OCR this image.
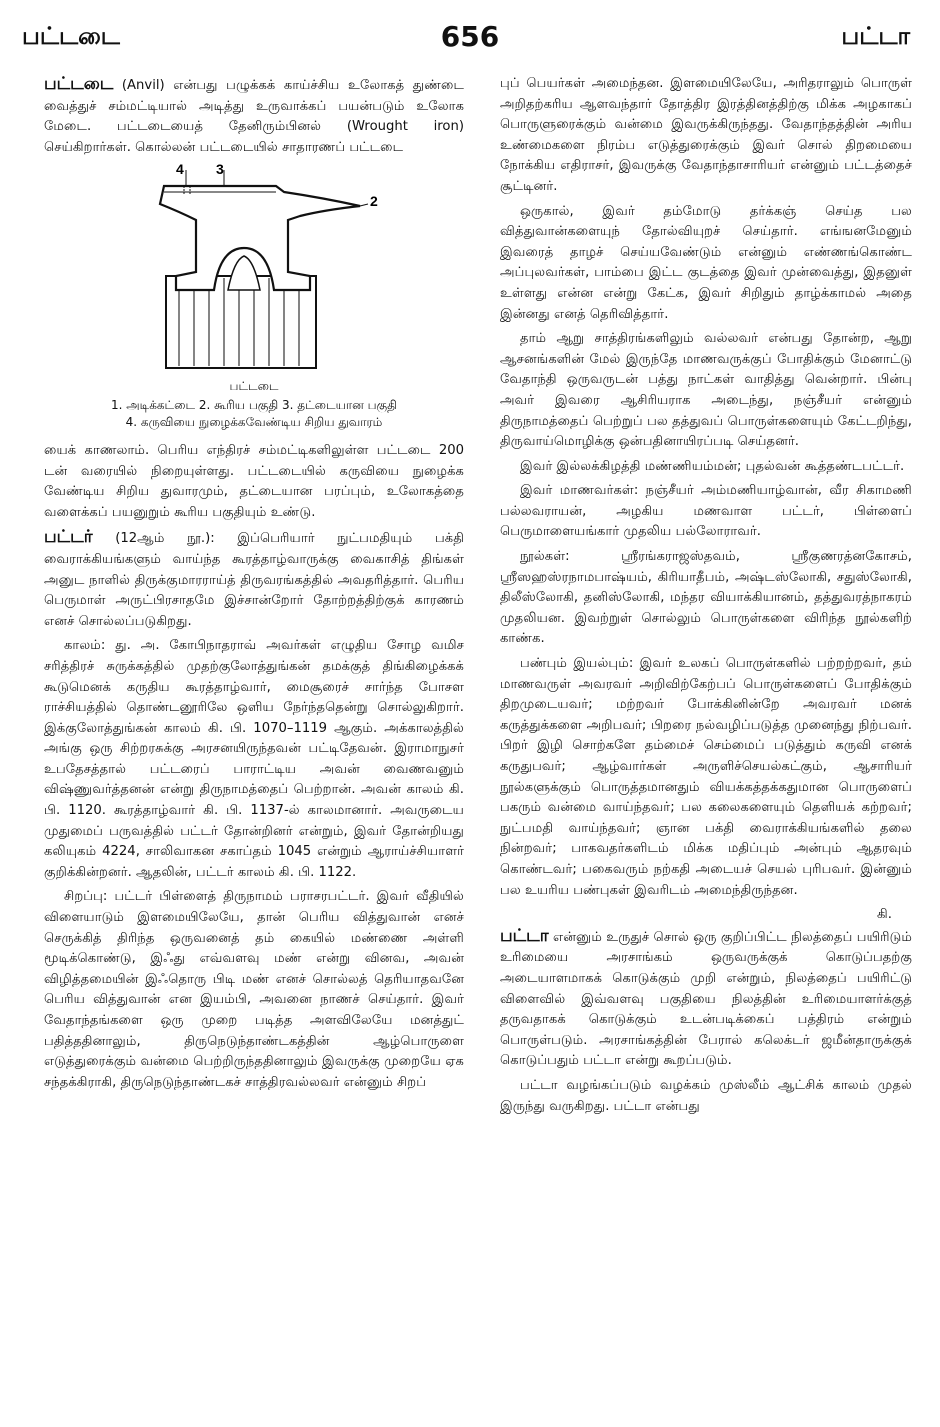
பட்டடை	656	பட்டா

பட்டடை (Anvil) என்பது பழுக்கக் காய்ச்சிய உலோகத் துண்டை வைத்துச் சம்மட்டியால் அடித்து உருவாக்கப் பயன்படும் உலோக மேடை. பட்டடையைத் தேனிரும்பினல் (Wrought iron) செய்கிறார்கள். கொல்லன் பட்டடையில் சாதாரணப் பட்டடை

4 3
2
பட்டடை
1. அடிக்கட்டை 2. கூரிய பகுதி 3. தட்டையான பகுதி
4. கருவியை நுழைக்கவேண்டிய சிறிய துவாரம்

யைக் காணலாம். பெரிய எந்திரச் சம்மட்டிகளிலுள்ள பட்டடை 200 டன் வரையில் நிறையுள்ளது. பட்டடையில் கருவியை நுழைக்க வேண்டிய சிறிய துவாரமும், தட்டையான பரப்பும், உலோகத்தை வளைக்கப் பயனுறும் கூரிய பகுதியும் உண்டு.

பட்டர் (12ஆம் நூ.): இப்பெரியார் நுட்பமதியும் பக்தி வைராக்கியங்களும் வாய்ந்த கூரத்தாழ்வாருக்கு வைகாசித் திங்கள் அனுட நாளில் திருக்குமாரராய்த் திருவரங்கத்தில் அவதரித்தார். பெரிய பெருமாள் அருட்பிரசாதமே இச்சான்றோர் தோற்றத்திற்குக் காரணம் எனச் சொல்லப்படுகிறது.

காலம்: து. அ. கோபிநாதராவ் அவர்கள் எழுதிய சோழ வமிச சரித்திரச் சுருக்கத்தில் முதற்குலோத்துங்கன் தமக்குத் திங்கிழைக்கக் கூடுமெனக் கருதிய கூரத்தாழ்வார், மைசூரைச் சார்ந்த போசள ராச்சியத்தில் தொண்டனூரிலே ஒளிய நேர்ந்ததென்று சொல்லுகிறார். இக்குலோத்துங்கன் காலம் கி. பி. 1070–1119 ஆகும். அக்காலத்தில் அங்கு ஒரு சிற்றரசுக்கு அரசனயிருந்தவன் பட்டிதேவன். இராமாநுசர் உபதேசத்தால் பட்டரைப் பாராட்டிய அவன் வைணவனும் விஷ்ணுவர்த்தனன் என்று திருநாமத்தைப் பெற்றான். அவன் காலம் கி. பி. 1120. கூரத்தாழ்வார் கி. பி. 1137-ல் காலமானார். அவருடைய முதுமைப் பருவத்தில் பட்டர் தோன்றினர் என்றும், இவர் தோன்றியது கலியுகம் 4224, சாலிவாகன சகாப்தம் 1045 என்றும் ஆராய்ச்சியாளர் குறிக்கின்றனர். ஆதலின், பட்டர் காலம் கி. பி. 1122.

சிறப்பு: பட்டர் பிள்ளைத் திருநாமம் பராசரபட்டர். இவர் வீதியில் விளையாடும் இளமையிலேயே, தான் பெரிய வித்துவான் எனச் செருக்கித் திரிந்த ஒருவனைத் தம் கையில் மண்ணை அள்ளி மூடிக்கொண்டு, இஃது எவ்வளவு மண் என்று வினவ, அவன் விழித்தமையின் இஃதொரு பிடி மண் எனச் சொல்லத் தெரியாதவனே பெரிய வித்துவான் என இயம்பி, அவனை நாணச் செய்தார். இவர் வேதாந்தங்களை ஒரு முறை படித்த அளவிலேயே மனத்துட் பதித்ததினாலும், திருநெடுந்தாண்டகத்தின் ஆழ்பொருளை எடுத்துரைக்கும் வன்மை பெற்றிருந்ததினாலும் இவருக்கு முறையே ஏக சந்தக்கிராகி, திருநெடுந்தாண்டகச் சாத்திரவல்லவர் என்னும் சிறப்

புப் பெயர்கள் அமைந்தன. இளமையிலேயே, அரிதராலும் பொருள் அறிதற்கரிய ஆளவந்தார் தோத்திர இரத்தினத்திற்கு மிக்க அழகாகப் பொருளுரைக்கும் வன்மை இவருக்கிருந்தது. வேதாந்தத்தின் அரிய உண்மைகளை நிரம்ப எடுத்துரைக்கும் இவர் சொல் திறமையை நோக்கிய எதிராசர், இவருக்கு வேதாந்தாசாரியர் என்னும் பட்டத்தைச் சூட்டினர்.

ஒருகால், இவர் தம்மோடு தர்க்கஞ் செய்த பல வித்துவான்களையுந் தோல்வியுறச் செய்தார். எங்ஙனமேனும் இவரைத் தாழச் செய்யவேண்டும் என்னும் எண்ணங்கொண்ட அப்புலவர்கள், பாம்பை இட்ட குடத்தை இவர் முன்வைத்து, இதனுள் உள்ளது என்ன என்று கேட்க, இவர் சிறிதும் தாழ்க்காமல் அதை இன்னது எனத் தெரிவித்தார்.

தாம் ஆறு சாத்திரங்களிலும் வல்லவர் என்பது தோன்ற, ஆறு ஆசனங்களின் மேல் இருந்தே மாணவருக்குப் போதிக்கும் மேனாட்டு வேதாந்தி ஒருவருடன் பத்து நாட்கள் வாதித்து வென்றார். பின்பு அவர் இவரை ஆசிரியராக அடைந்து, நஞ்சீயர் என்னும் திருநாமத்தைப் பெற்றுப் பல தத்துவப் பொருள்களையும் கேட்டறிந்து, திருவாய்மொழிக்கு ஒன்பதினாயிரப்படி செய்தனர்.

இவர் இல்லக்கிழத்தி மண்ணியம்மன்; புதல்வன் கூத்தண்டபட்டர்.

இவர் மாணவர்கள்: நஞ்சீயர் அம்மணியாழ்வான், வீர சிகாமணி பல்லவராயன், அழகிய மணவாள பட்டர், பிள்ளைப் பெருமாளையங்கார் முதலிய பல்லோராவர்.

நூல்கள்: ஸ்ரீரங்கராஜஸ்தவம், ஸ்ரீகுணரத்னகோசம், ஸ்ரீஸஹஸ்ரநாமபாஷ்யம், கிரியாதீபம், அஷ்டஸ்லோகி, சதுஸ்லோகி, திலீஸ்லோகி, தனிஸ்லோகி, மந்தர வியாக்கியானம், தத்துவரத்நாகரம் முதலியன. இவற்றுள் சொல்லும் பொருள்களை விரிந்த நூல்களிற் காண்க.

பண்பும் இயல்பும்: இவர் உலகப் பொருள்களில் பற்றற்றவர், தம் மாணவருள் அவரவர் அறிவிற்கேற்பப் பொருள்களைப் போதிக்கும் திறமுடையவர்; மற்றவர் போக்கினின்றே அவரவர் மனக் கருத்துக்களை அறிபவர்; பிறரை நல்வழிப்படுத்த முனைந்து நிற்பவர். பிறர் இழி சொற்களே தம்மைச் செம்மைப் படுத்தும் கருவி எனக் கருதுபவர்; ஆழ்வார்கள் அருளிச்செயல்கட்கும், ஆசாரியர் நூல்களுக்கும் பொருத்தமானதும் வியக்கத்தக்கதுமான பொருளைப் பகரும் வன்மை வாய்ந்தவர்; பல கலைகளையும் தெளியக் கற்றவர்; நுட்பமதி வாய்ந்தவர்; ஞான பக்தி வைராக்கியங்களில் தலை நின்றவர்; பாகவதர்களிடம் மிக்க மதிப்பும் அன்பும் ஆதரவும் கொண்டவர்; பகைவரும் நற்கதி அடையச் செயல் புரிபவர். இன்னும் பல உயரிய பண்புகள் இவரிடம் அமைந்திருந்தன.

கி.

பட்டா என்னும் உருதுச் சொல் ஒரு குறிப்பிட்ட நிலத்தைப் பயிரிடும் உரிமையை அரசாங்கம் ஒருவருக்குக் கொடுப்பதற்கு அடையாளமாகக் கொடுக்கும் முறி என்றும், நிலத்தைப் பயிரிட்டு விளைவில் இவ்வளவு பகுதியை நிலத்தின் உரிமையாளர்க்குத் தருவதாகக் கொடுக்கும் உடன்படிக்கைப் பத்திரம் என்றும் பொருள்படும். அரசாங்கத்தின் பேரால் கலெக்டர் ஜமீன்தாருக்குக் கொடுப்பதும் பட்டா என்று கூறப்படும்.

பட்டா வழங்கப்படும் வழக்கம் முஸ்லீம் ஆட்சிக் காலம் முதல் இருந்து வருகிறது. பட்டா என்பது
